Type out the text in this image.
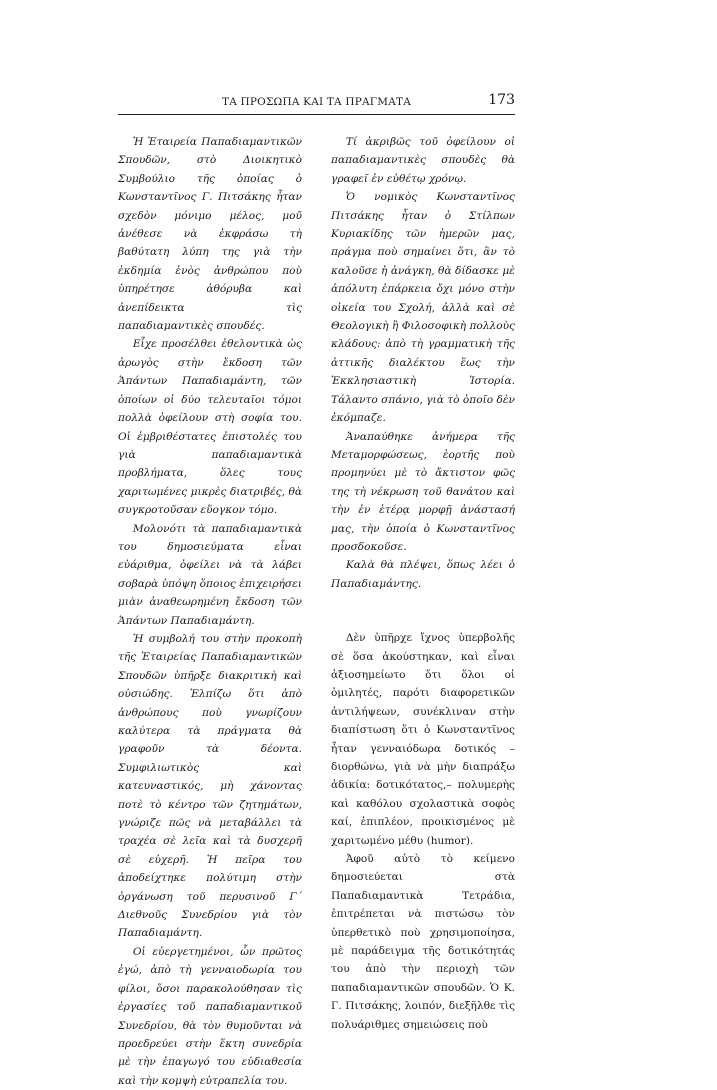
ΤΑ ΠΡΟΣΩΠΑ ΚΑΙ ΤΑ ΠΡΑΓΜΑΤΑ	173

Ἡ Ἑταιρεία Παπαδιαμαντικῶν Σπουδῶν, στὸ Διοικητικὸ Συμβούλιο τῆς ὁποίας ὁ Κωνσταντῖνος Γ. Πιτσάκης ἦταν σχεδὸν μόνιμο μέλος, μοῦ ἀνέθεσε νὰ ἐκφράσω τὴ βαθύτατη λύπη της γιὰ τὴν ἐκδημία ἑνὸς ἀνθρώπου ποὺ ὑπηρέτησε ἀθόρυβα καὶ ἀνεπίδεικτα τὶς παπαδιαμαντικὲς σπουδές.

Εἶχε προσέλθει ἐθελοντικὰ ὡς ἀρωγὸς στὴν ἔκδοση τῶν Ἁπάντων Παπαδιαμάντη, τῶν ὁποίων οἱ δύο τελευταῖοι τόμοι πολλὰ ὀφείλουν στὴ σοφία του. Οἱ ἐμβριθέστατες ἐπιστολές του γιὰ παπαδιαμαντικὰ προβλήματα, ὅλες τους χαριτωμένες μικρὲς διατριβές, θὰ συγκροτοῦσαν εὔογκον τόμο.

Μολονότι τὰ παπαδιαμαντικὰ του δημοσιεύματα εἶναι εὐάριθμα, ὀφείλει νὰ τὰ λάβει σοβαρὰ ὑπόψη ὅποιος ἐπιχειρήσει μιὰν ἀναθεωρημένη ἔκδοση τῶν Ἁπάντων Παπαδιαμάντη.

Ἡ συμβολή του στὴν προκοπὴ τῆς Ἑταιρείας Παπαδιαμαντικῶν Σπουδῶν ὑπῆρξε διακριτικὴ καὶ οὐσιώδης. Ἐλπίζω ὅτι ἀπὸ ἀνθρώπους ποὺ γνωρίζουν καλύτερα τὰ πράγματα θὰ γραφοῦν τὰ δέοντα. Συμφιλιωτικὸς καὶ κατευναστικός, μὴ χάνοντας ποτὲ τὸ κέντρο τῶν ζητημάτων, γνώριζε πῶς νὰ μεταβάλλει τὰ τραχέα σὲ λεῖα καὶ τὰ δυσχερῆ σὲ εὐχερῆ. Ἡ πεῖρα του ἀποδείχτηκε πολύτιμη στὴν ὀργάνωση τοῦ περυσινοῦ Γ´ Διεθνοῦς Συνεδρίου γιὰ τὸν Παπαδιαμάντη.

Οἱ εὐεργετημένοι, ὧν πρῶτος ἐγώ, ἀπὸ τὴ γενναιοδωρία του φίλοι, ὅσοι παρακολούθησαν τὶς ἐργασίες τοῦ παπαδιαμαντικοῦ Συνεδρίου, θὰ τὸν θυμοῦνται νὰ προεδρεύει στὴν ἕκτη συνεδρία μὲ τὴν ἐπαγωγό του εὐδιαθεσία καὶ τὴν κομψὴ εὐτραπελία του.

Τί ἀκριβῶς τοῦ ὀφείλουν οἱ παπαδιαμαντικὲς σπουδὲς θὰ γραφεῖ ἐν εὐθέτῳ χρόνῳ.

Ὁ νομικὸς Κωνσταντῖνος Πιτσάκης ἦταν ὁ Στίλπων Κυριακίδης τῶν ἡμερῶν μας, πράγμα ποὺ σημαίνει ὅτι, ἂν τὸ καλοῦσε ἡ ἀνάγκη, θὰ δίδασκε μὲ ἀπόλυτη ἐπάρκεια ὄχι μόνο στὴν οἰκεία του Σχολή, ἀλλὰ καὶ σὲ Θεολογικὴ ἢ Φιλοσοφικὴ πολλοὺς κλάδους: ἀπὸ τὴ γραμματικὴ τῆς ἀττικῆς διαλέκτου ἕως τὴν Ἐκκλησιαστικὴ Ἱστορία. Τάλαντο σπάνιο, γιὰ τὸ ὁποῖο δὲν ἐκόμπαζε.

Ἀναπαύθηκε ἀνήμερα τῆς Μεταμορφώσεως, ἑορτῆς ποὺ προμηνύει μὲ τὸ ἄκτιστον φῶς της τὴ νέκρωση τοῦ θανάτου καὶ τὴν ἐν ἑτέρᾳ μορφῇ ἀνάστασή μας, τὴν ὁποία ὁ Κωνσταντῖνος προσδοκοῦσε.

Καλὰ θὰ πλέψει, ὅπως λέει ὁ Παπαδιαμάντης.

Δὲν ὑπῆρχε ἴχνος ὑπερβολῆς σὲ ὅσα ἀκούστηκαν, καὶ εἶναι ἀξιοσημείωτο ὅτι ὅλοι οἱ ὁμιλητές, παρότι διαφορετικῶν ἀντιλήψεων, συνέκλιναν στὴν διαπίστωση ὅτι ὁ Κωνσταντῖνος ἦταν γενναιόδωρα δοτικός –διορθώνω, γιὰ νὰ μὴν διαπράξω ἀδικία: δοτικότατος,– πολυμερὴς καὶ καθόλου σχολαστικὰ σοφὸς καί, ἐπιπλέον, προικισμένος μὲ χαριτωμένο μέθυ (humor).

Ἀφοῦ αὐτὸ τὸ κείμενο δημοσιεύεται στὰ Παπαδιαμαντικὰ Τετράδια, ἐπιτρέπεται νὰ πιστώσω τὸν ὑπερθετικὸ ποὺ χρησιμοποίησα, μὲ παράδειγμα τῆς δοτικότητάς του ἀπὸ τὴν περιοχὴ τῶν παπαδιαμαντικῶν σπουδῶν. Ὁ Κ. Γ. Πιτσάκης, λοιπόν, διεξῆλθε τὶς πολυάριθμες σημειώσεις ποὺ
